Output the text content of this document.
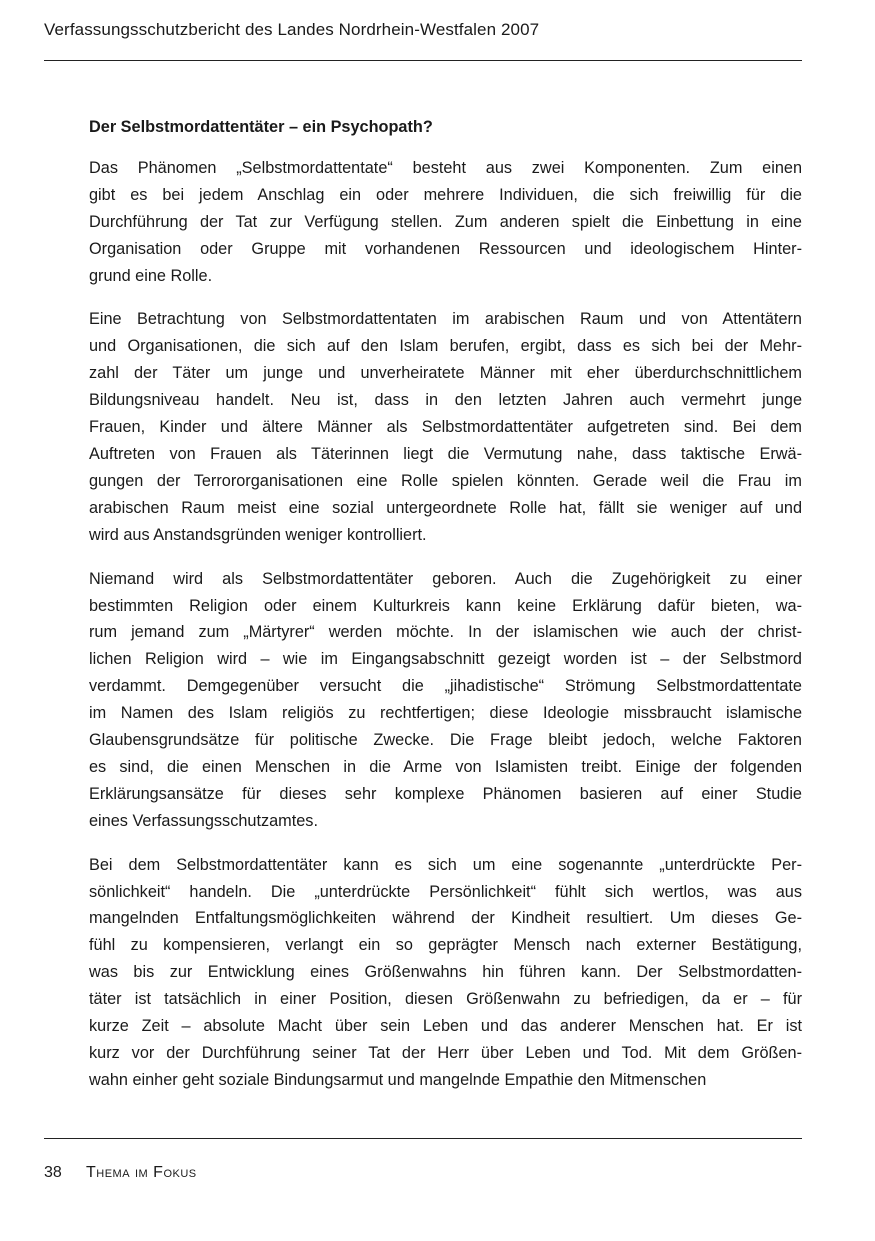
Verfassungsschutzbericht des Landes Nordrhein-Westfalen 2007
Der Selbstmordattentäter – ein Psychopath?
Das Phänomen „Selbstmordattentate“ besteht aus zwei Komponenten. Zum einen
gibt es bei jedem Anschlag ein oder mehrere Individuen, die sich freiwillig für die
Durchführung der Tat zur Verfügung stellen. Zum anderen spielt die Einbettung in eine
Organisation oder Gruppe mit vorhandenen Ressourcen und ideologischem Hinter-
grund eine Rolle.
Eine Betrachtung von Selbstmordattentaten im arabischen Raum und von Attentätern
und Organisationen, die sich auf den Islam berufen, ergibt, dass es sich bei der Mehr-
zahl der Täter um junge und unverheiratete Männer mit eher überdurchschnittlichem
Bildungsniveau handelt. Neu ist, dass in den letzten Jahren auch vermehrt junge
Frauen, Kinder und ältere Männer als Selbstmordattentäter aufgetreten sind. Bei dem
Auftreten von Frauen als Täterinnen liegt die Vermutung nahe, dass taktische Erwä-
gungen der Terrororganisationen eine Rolle spielen könnten. Gerade weil die Frau im
arabischen Raum meist eine sozial untergeordnete Rolle hat, fällt sie weniger auf und
wird aus Anstandsgründen weniger kontrolliert.
Niemand wird als Selbstmordattentäter geboren. Auch die Zugehörigkeit zu einer
bestimmten Religion oder einem Kulturkreis kann keine Erklärung dafür bieten, wa-
rum jemand zum „Märtyrer“ werden möchte. In der islamischen wie auch der christ-
lichen Religion wird – wie im Eingangsabschnitt gezeigt worden ist – der Selbstmord
verdammt. Demgegenüber versucht die „jihadistische“ Strömung Selbstmordattentate
im Namen des Islam religiös zu rechtfertigen; diese Ideologie missbraucht islamische
Glaubensgrundsätze für politische Zwecke. Die Frage bleibt jedoch, welche Faktoren
es sind, die einen Menschen in die Arme von Islamisten treibt. Einige der folgenden
Erklärungsansätze für dieses sehr komplexe Phänomen basieren auf einer Studie
eines Verfassungsschutzamtes.
Bei dem Selbstmordattentäter kann es sich um eine sogenannte „unterdrückte Per-
sönlichkeit“ handeln. Die „unterdrückte Persönlichkeit“ fühlt sich wertlos, was aus
mangelnden Entfaltungsmöglichkeiten während der Kindheit resultiert. Um dieses Ge-
fühl zu kompensieren, verlangt ein so geprägter Mensch nach externer Bestätigung,
was bis zur Entwicklung eines Größenwahns hin führen kann. Der Selbstmordatten-
täter ist tatsächlich in einer Position, diesen Größenwahn zu befriedigen, da er – für
kurze Zeit – absolute Macht über sein Leben und das anderer Menschen hat. Er ist
kurz vor der Durchführung seiner Tat der Herr über Leben und Tod. Mit dem Größen-
wahn einher geht soziale Bindungsarmut und mangelnde Empathie den Mitmenschen
38 Thema im Fokus
